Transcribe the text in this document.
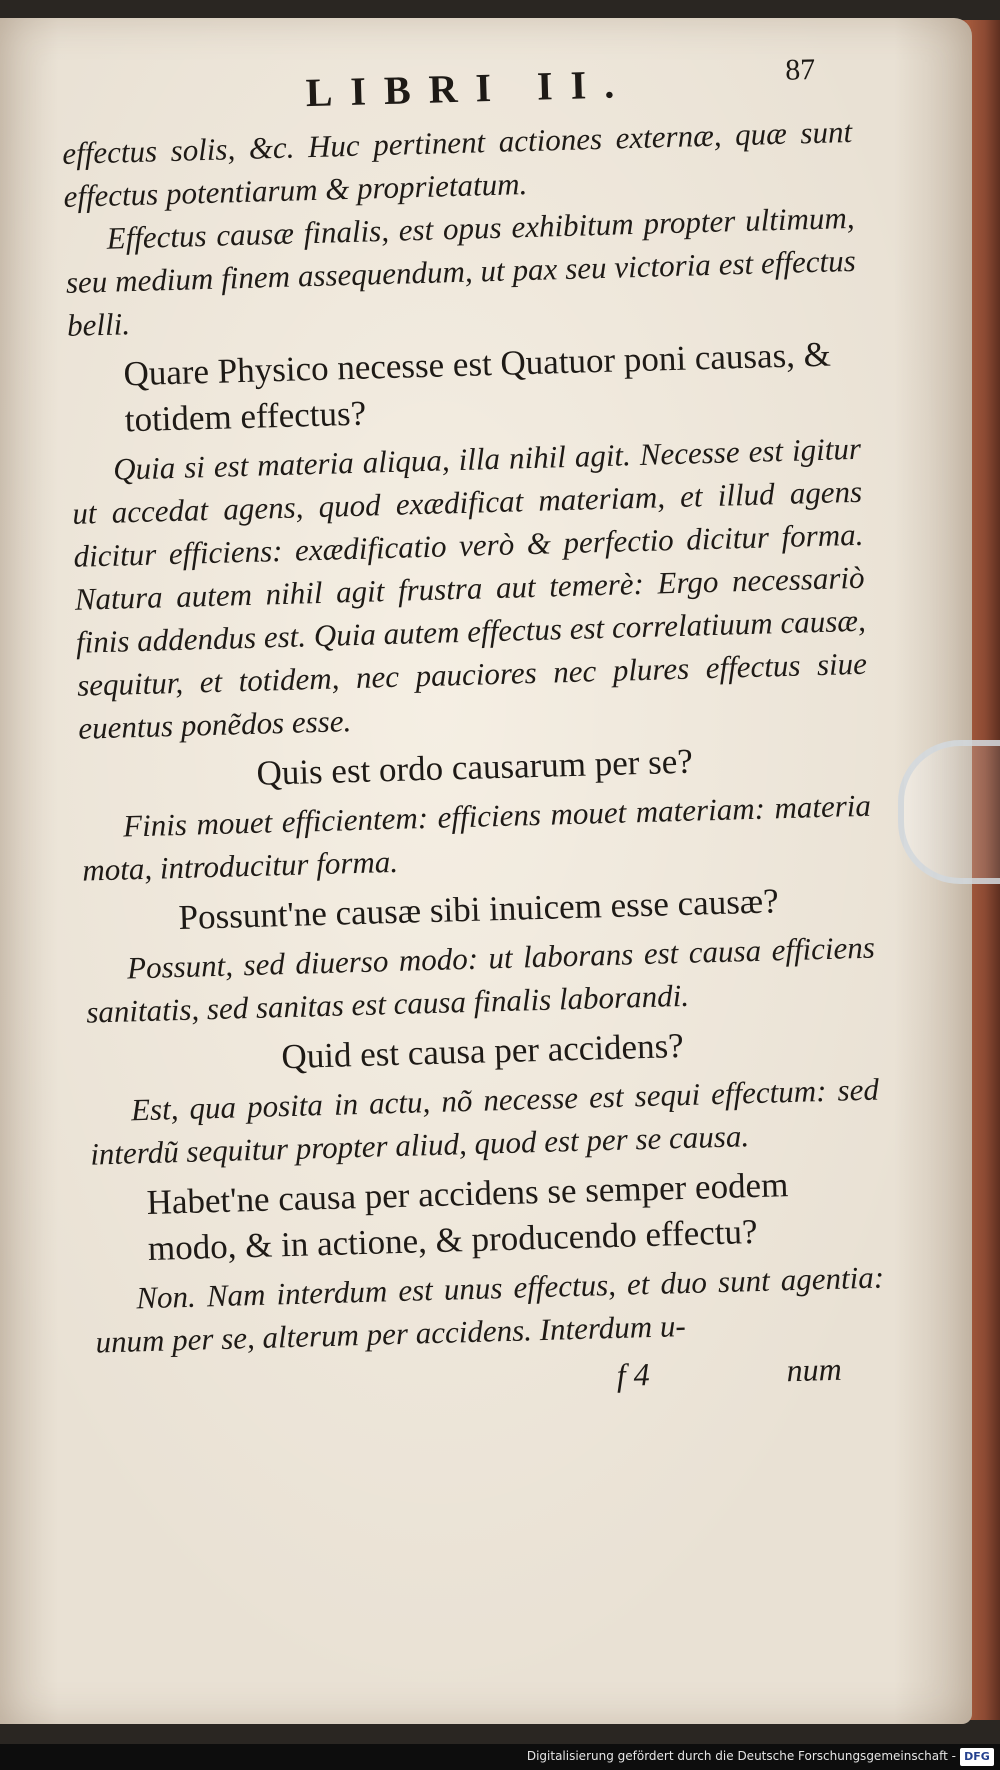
LIBRI II.	87

effectus solis, &c. Huc pertinent actiones externæ, quæ sunt effectus potentiarum & proprietatum.

Effectus causæ finalis, est opus exhibitum propter ultimum, seu medium finem assequendum, ut pax seu victoria est effectus belli.

Quare Physico necesse est Quatuor poni causas, & totidem effectus?

Quia si est materia aliqua, illa nihil agit. Necesse est igitur ut accedat agens, quod exædificat materiam, et illud agens dicitur efficiens: exædificatio verò & perfectio dicitur forma. Natura autem nihil agit frustra aut temerè: Ergo necessariò finis addendus est. Quia autem effectus est correlatiuum causæ, sequitur, et totidem, nec pauciores nec plures effectus siue euentus ponẽdos esse.

Quis est ordo causarum per se?

Finis mouet efficientem: efficiens mouet materiam: materia mota, introducitur forma.

Possunt'ne causæ sibi inuicem esse causæ?

Possunt, sed diuerso modo: ut laborans est causa efficiens sanitatis, sed sanitas est causa finalis laborandi.

Quid est causa per accidens?

Est, qua posita in actu, nõ necesse est sequi effectum: sed interdũ sequitur propter aliud, quod est per se causa.

Habet'ne causa per accidens se semper eodem modo, & in actione, & producendo effectu?

Non. Nam interdum est unus effectus, et duo sunt agentia: unum per se, alterum per accidens. Interdum u-

f 4	num
Digitalisierung gefördert durch die Deutsche Forschungsgemeinschaft - DFG
